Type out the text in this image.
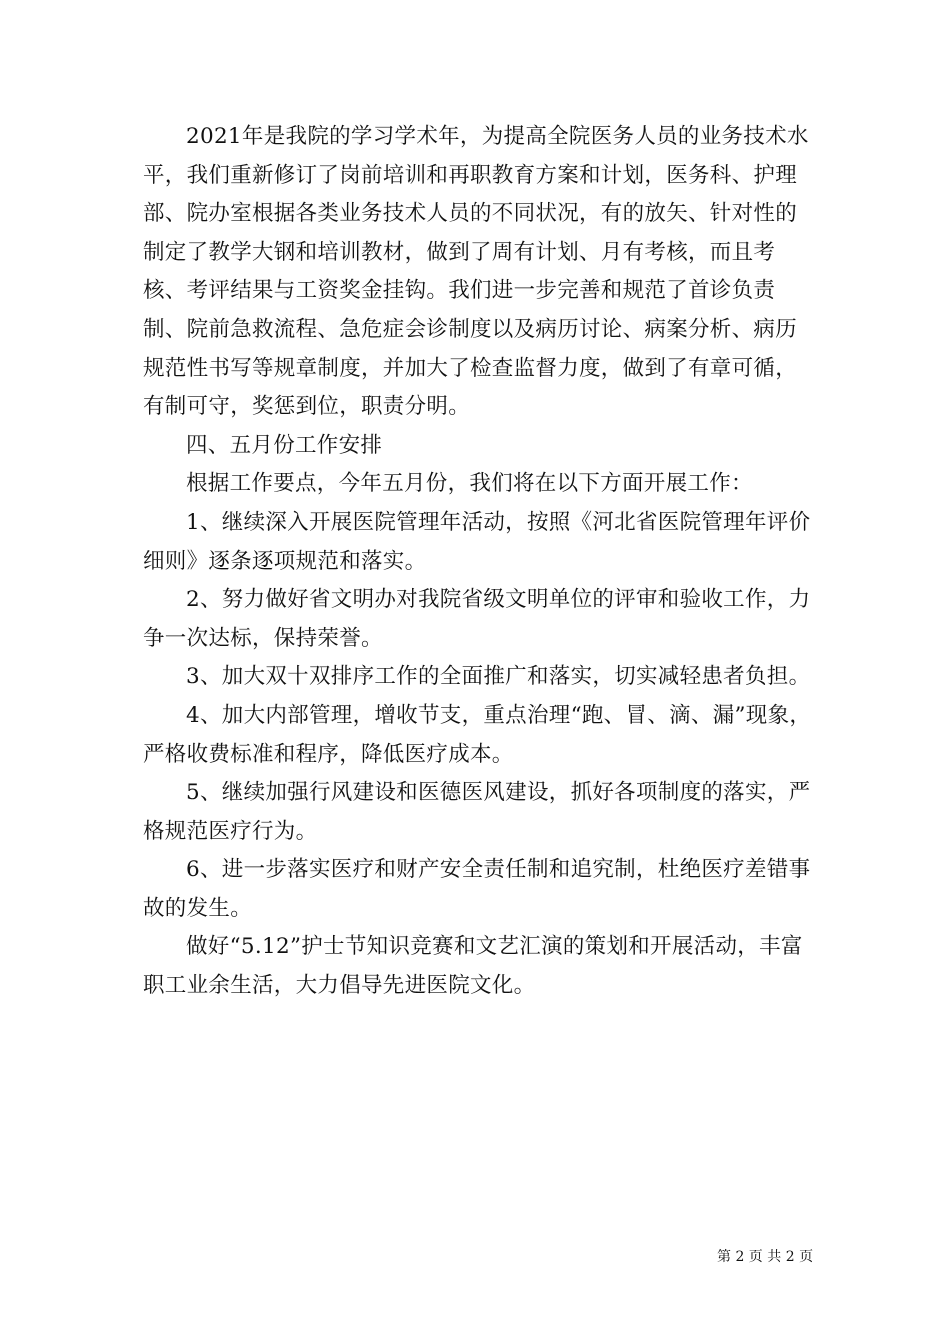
2021年是我院的学习学术年，为提高全院医务人员的业务技术水平，我们重新修订了岗前培训和再职教育方案和计划，医务科、护理部、院办室根据各类业务技术人员的不同状况，有的放矢、针对性的制定了教学大钢和培训教材，做到了周有计划、月有考核，而且考核、考评结果与工资奖金挂钩。我们进一步完善和规范了首诊负责制、院前急救流程、急危症会诊制度以及病历讨论、病案分析、病历规范性书写等规章制度，并加大了检查监督力度，做到了有章可循，有制可守，奖惩到位，职责分明。

四、五月份工作安排

根据工作要点，今年五月份，我们将在以下方面开展工作：

1、继续深入开展医院管理年活动，按照《河北省医院管理年评价细则》逐条逐项规范和落实。

2、努力做好省文明办对我院省级文明单位的评审和验收工作，力争一次达标，保持荣誉。

3、加大双十双排序工作的全面推广和落实，切实减轻患者负担。

4、加大内部管理，增收节支，重点治理“跑、冒、滴、漏”现象，严格收费标准和程序，降低医疗成本。

5、继续加强行风建设和医德医风建设，抓好各项制度的落实，严格规范医疗行为。

6、进一步落实医疗和财产安全责任制和追究制，杜绝医疗差错事故的发生。

做好“5.12”护士节知识竞赛和文艺汇演的策划和开展活动，丰富职工业余生活，大力倡导先进医院文化。

第 2 页 共 2 页
